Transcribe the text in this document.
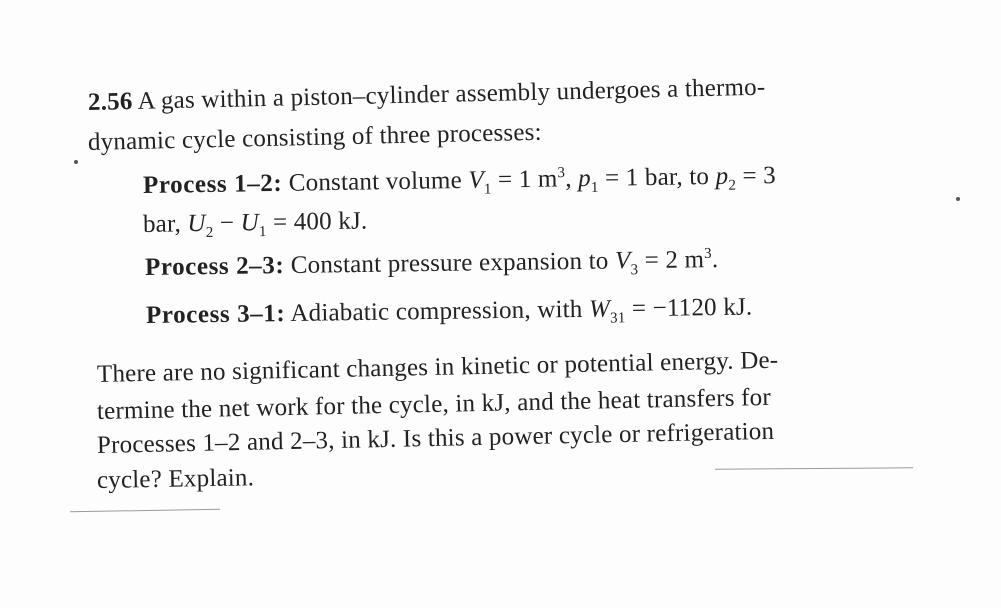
2.56 A gas within a piston–cylinder assembly undergoes a thermo-
dynamic cycle consisting of three processes:
Process 1–2: Constant volume $V_1 = 1$ $m^3$, $p_1 = 1$ bar, to $p_2 = 3$
bar, $U_2 - U_1 = 400$ kJ.
Process 2–3: Constant pressure expansion to $V_3 = 2$ $m^3$.
Process 3–1: Adiabatic compression, with $W_{31} = -1120$ kJ.
There are no significant changes in kinetic or potential energy. De-
termine the net work for the cycle, in kJ, and the heat transfers for
Processes 1–2 and 2–3, in kJ. Is this a power cycle or refrigeration
cycle? Explain.
